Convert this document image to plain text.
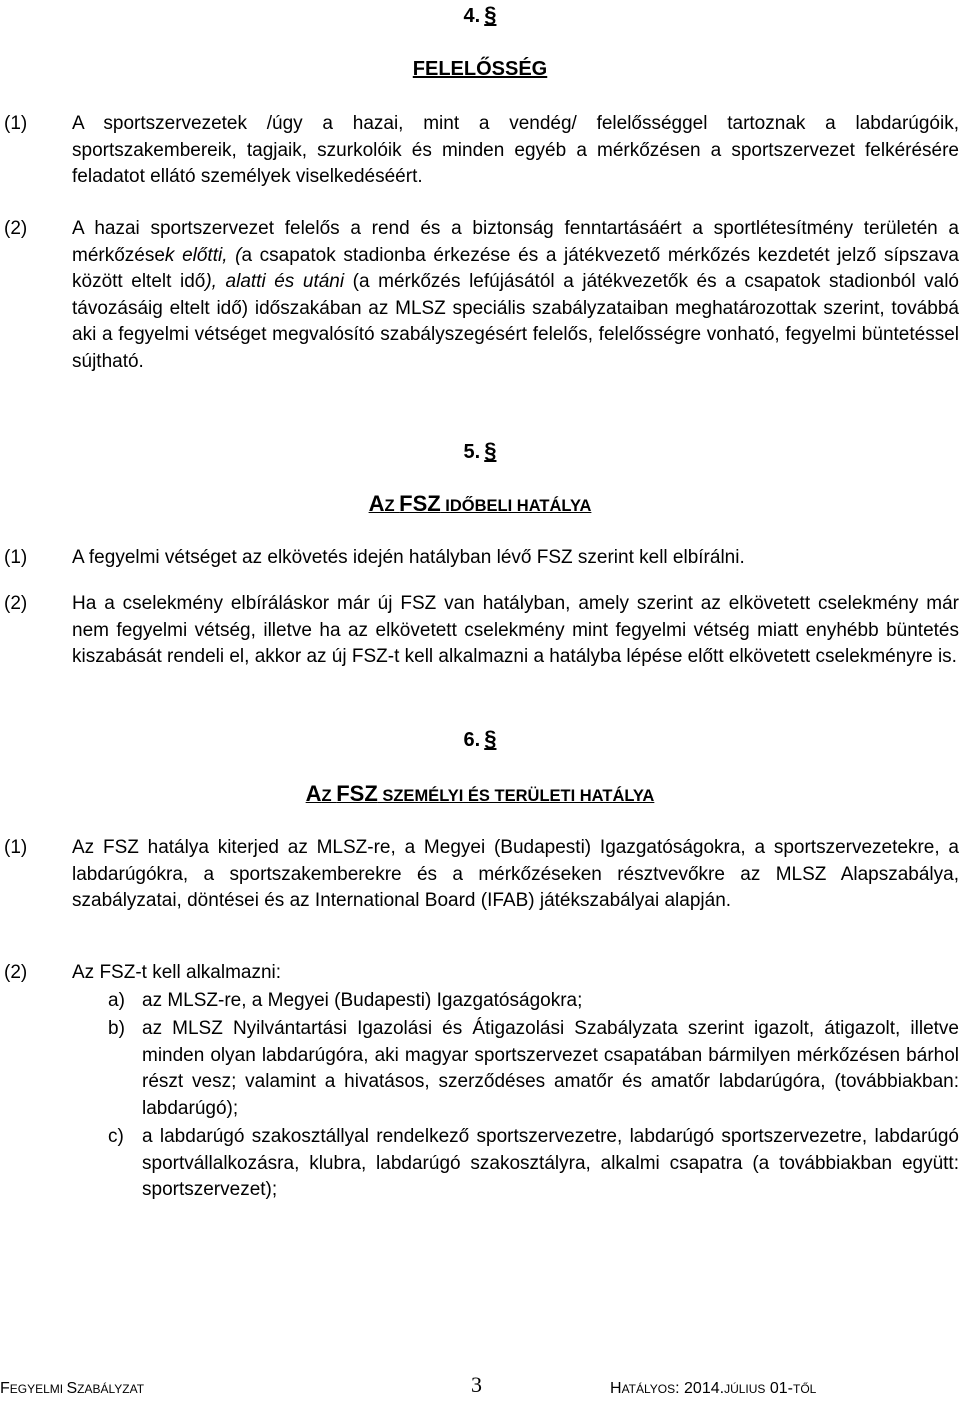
4. §
FELELŐSSÉG
(1) A sportszervezetek /úgy a hazai, mint a vendég/ felelősséggel tartoznak a labdarúgóik, sportszakembereik, tagjaik, szurkolóik és minden egyéb a mérkőzésen a sportszervezet felkérésére feladatot ellátó személyek viselkedéséért.
(2) A hazai sportszervezet felelős a rend és a biztonság fenntartásáért a sportlétesítmény területén a mérkőzések előtti, (a csapatok stadionba érkezése és a játékvezető mérkőzés kezdetét jelző sípszava között eltelt idő), alatti és utáni (a mérkőzés lefújásától a játékvezetők és a csapatok stadionból való távozásáig eltelt idő) időszakában az MLSZ speciális szabályzataiban meghatározottak szerint, továbbá aki a fegyelmi vétséget megvalósító szabályszegésért felelős, felelősségre vonható, fegyelmi büntetéssel sújtható.
5. §
AZ FSZ IDŐBELI HATÁLYA
(1) A fegyelmi vétséget az elkövetés idején hatályban lévő FSZ szerint kell elbírálni.
(2) Ha a cselekmény elbíráláskor már új FSZ van hatályban, amely szerint az elkövetett cselekmény már nem fegyelmi vétség, illetve ha az elkövetett cselekmény mint fegyelmi vétség miatt enyhébb büntetés kiszabását rendeli el, akkor az új FSZ-t kell alkalmazni a hatályba lépése előtt elkövetett cselekményre is.
6. §
AZ FSZ SZEMÉLYI ÉS TERÜLETI HATÁLYA
(1) Az FSZ hatálya kiterjed az MLSZ-re, a Megyei (Budapesti) Igazgatóságokra, a sportszervezetekre, a labdarúgókra, a sportszakemberekre és a mérkőzéseken résztvevőkre az MLSZ Alapszabálya, szabályzatai, döntései és az International Board (IFAB) játékszabályai alapján.
(2) Az FSZ-t kell alkalmazni:
a) az MLSZ-re, a Megyei (Budapesti) Igazgatóságokra;
b) az MLSZ Nyilvántartási Igazolási és Átigazolási Szabályzata szerint igazolt, átigazolt, illetve minden olyan labdarúgóra, aki magyar sportszervezet csapatában bármilyen mérkőzésen bárhol részt vesz; valamint a hivatásos, szerződéses amatőr és amatőr labdarúgóra, (továbbiakban: labdarúgó);
c) a labdarúgó szakosztállyal rendelkező sportszervezetre, labdarúgó sportszervezetre, labdarúgó sportvállalkozásra, klubra, labdarúgó szakosztályra, alkalmi csapatra (a továbbiakban együtt: sportszervezet);
FEGYELMI SZABÁLYZAT	3	HATÁLYOS: 2014.JÚLIUS 01-TŐL
